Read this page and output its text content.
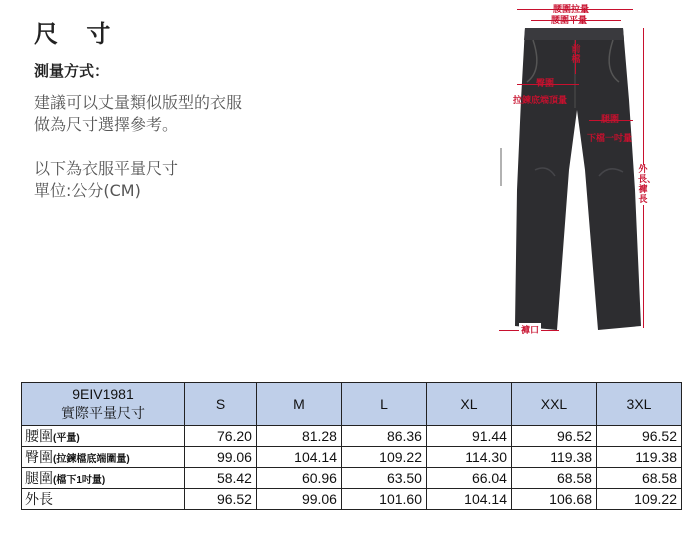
尺 寸
測量方式：
建議可以丈量類似版型的衣服
做為尺寸選擇參考。
以下為衣服平量尺寸
單位:公分(CM)
腰圍拉量
腰圍平量
前檔
臀圍
拉鍊底端頂量
腿圍
下檔一吋量
外長、褲長
褲口
9EIV1981
實際平量尺寸	S	M	L	XL	XXL	3XL
腰圍(平量)	76.20	81.28	86.36	91.44	96.52	96.52
臀圍(拉鍊檔底端圍量)	99.06	104.14	109.22	114.30	119.38	119.38
腿圍(檔下1吋量)	58.42	60.96	63.50	66.04	68.58	68.58
外長	96.52	99.06	101.60	104.14	106.68	109.22
